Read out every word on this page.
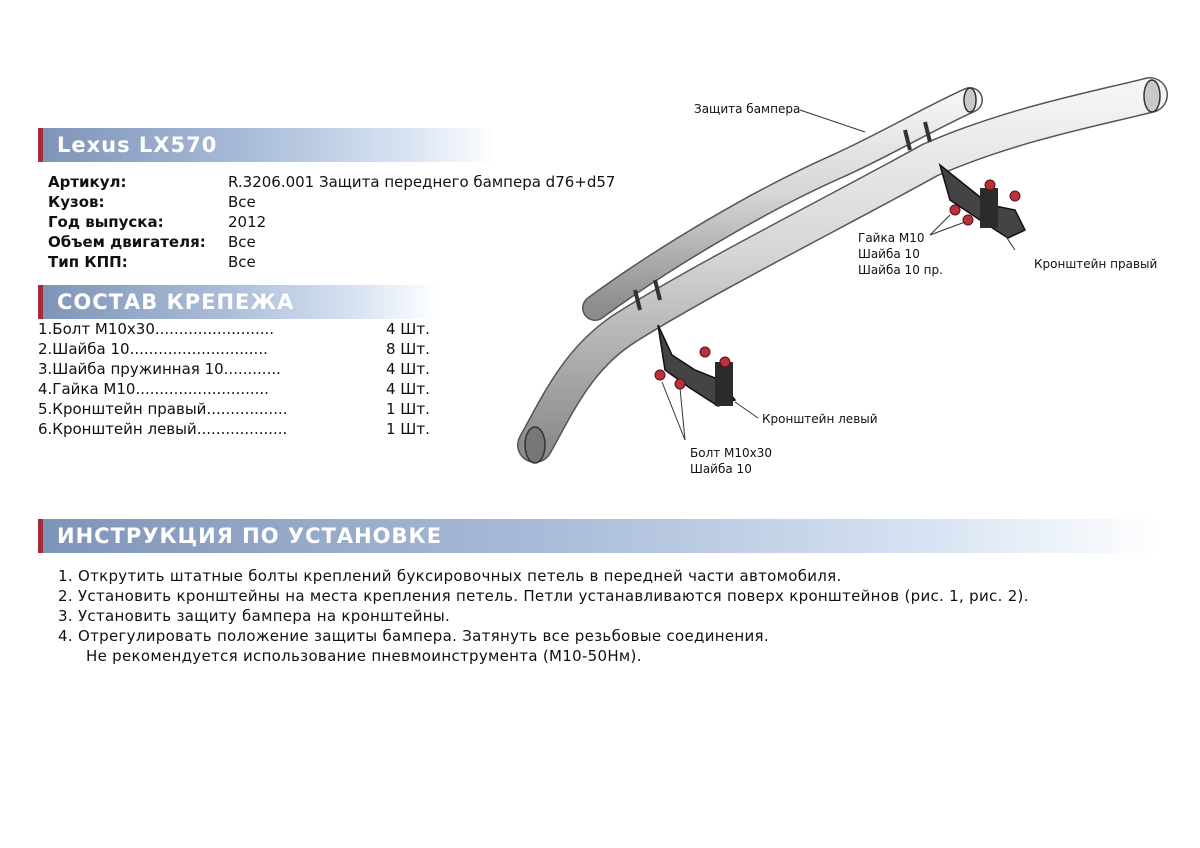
Lexus LX570
Артикул:	R.3206.001 Защита переднего бампера d76+d57
Кузов:	Все
Год выпуска:	2012
Объем двигателя: Все
Тип КПП:	Все
СОСТАВ КРЕПЕЖА
1.Болт М10х30.........................	4 Шт.
2.Шайба 10.............................	8 Шт.
3.Шайба пружинная 10............	4 Шт.
4.Гайка М10............................	4 Шт.
5.Кронштейн правый.................	1 Шт.
6.Кронштейн левый...................	1 Шт.
Защита бампера
Гайка М10
Шайба 10
Шайба 10 пр.	Кронштейн правый
Кронштейн левый
Болт М10х30
Шайба 10
ИНСТРУКЦИЯ ПО УСТАНОВКЕ
1. Открутить штатные болты креплений буксировочных петель в передней части автомобиля.
2. Установить кронштейны на места крепления петель. Петли устанавливаются поверх кронштейнов (рис. 1, рис. 2).
3. Установить защиту бампера на кронштейны.
4. Отрегулировать положение защиты бампера. Затянуть все резьбовые соединения.
Не рекомендуется использование пневмоинструмента (М10-50Нм).
